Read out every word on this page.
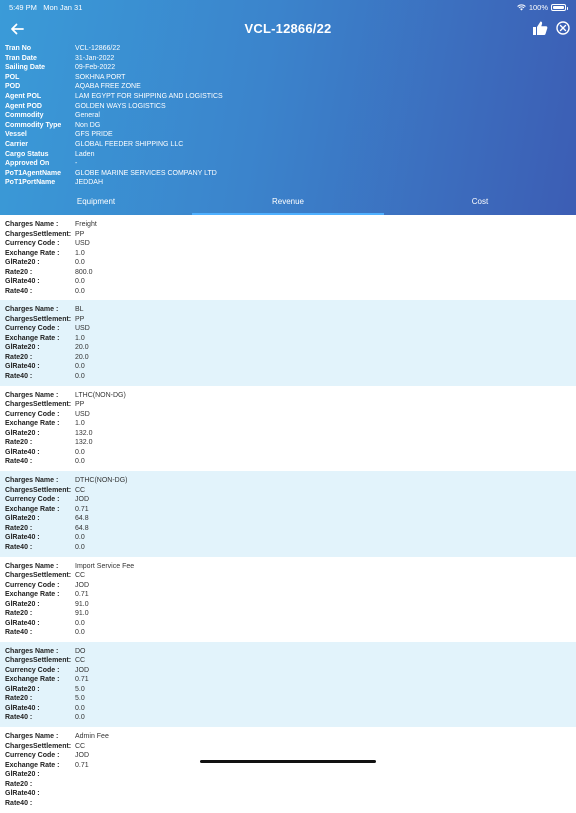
5:49 PM Mon Jan 31	100%
VCL-12866/22
Tran No	VCL-12866/22
Tran Date	31-Jan-2022
Sailing Date	09-Feb-2022
POL	SOKHNA PORT
POD	AQABA FREE ZONE
Agent POL	LAM EGYPT FOR SHIPPING AND LOGISTICS
Agent POD	GOLDEN WAYS LOGISTICS
Commodity	General
Commodity Type	Non DG
Vessel	GFS PRIDE
Carrier	GLOBAL FEEDER SHIPPING LLC
Cargo Status	Laden
Approved On	-
PoT1AgentName	GLOBE MARINE SERVICES COMPANY LTD
PoT1PortName	JEDDAH
Equipment	Revenue	Cost
Charges Name :	Freight
ChargesSettlement: PP
Currency Code :	USD
Exchange Rate :	1.0
GlRate20 :	0.0
Rate20 :	800.0
GlRate40 :	0.0
Rate40 :	0.0
Charges Name :	BL
ChargesSettlement: PP
Currency Code :	USD
Exchange Rate :	1.0
GlRate20 :	20.0
Rate20 :	20.0
GlRate40 :	0.0
Rate40 :	0.0
Charges Name :	LTHC(NON-DG)
ChargesSettlement: PP
Currency Code :	USD
Exchange Rate :	1.0
GlRate20 :	132.0
Rate20 :	132.0
GlRate40 :	0.0
Rate40 :	0.0
Charges Name :	DTHC(NON-DG)
ChargesSettlement: CC
Currency Code :	JOD
Exchange Rate :	0.71
GlRate20 :	64.8
Rate20 :	64.8
GlRate40 :	0.0
Rate40 :	0.0
Charges Name :	Import Service Fee
ChargesSettlement: CC
Currency Code :	JOD
Exchange Rate :	0.71
GlRate20 :	91.0
Rate20 :	91.0
GlRate40 :	0.0
Rate40 :	0.0
Charges Name :	DO
ChargesSettlement: CC
Currency Code :	JOD
Exchange Rate :	0.71
GlRate20 :	5.0
Rate20 :	5.0
GlRate40 :	0.0
Rate40 :	0.0
Charges Name :	Admin Fee
ChargesSettlement: CC
Currency Code :	JOD
Exchange Rate :	0.71
GlRate20 :
Rate20 :
GlRate40 :
Rate40 :
